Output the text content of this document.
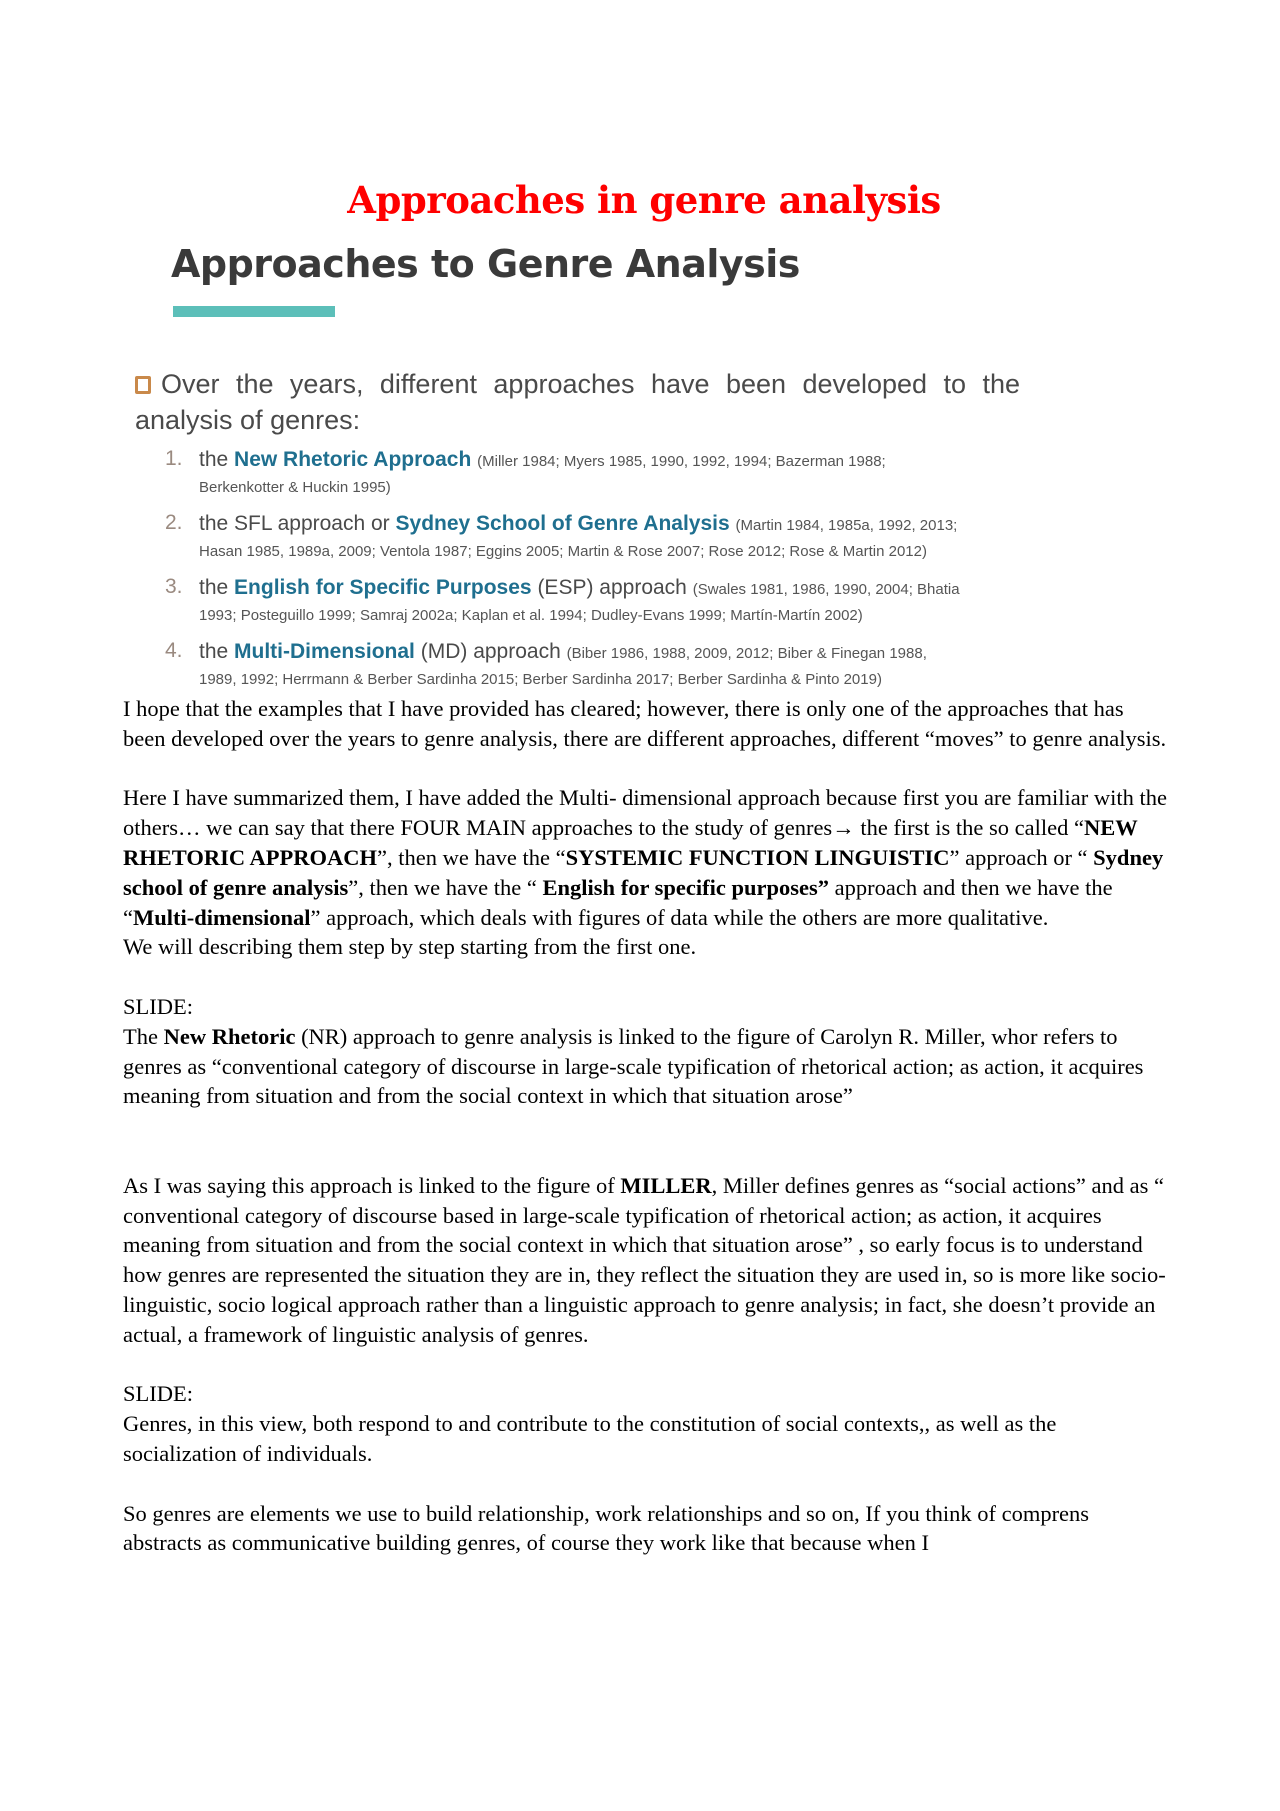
Approaches in genre analysis
Approaches to Genre Analysis
Over the years, different approaches have been developed to the analysis of genres:
1. the New Rhetoric Approach (Miller 1984; Myers 1985, 1990, 1992, 1994; Bazerman 1988;
Berkenkotter & Huckin 1995)
2. the SFL approach or Sydney School of Genre Analysis (Martin 1984, 1985a, 1992, 2013;
Hasan 1985, 1989a, 2009; Ventola 1987; Eggins 2005; Martin & Rose 2007; Rose 2012; Rose & Martin 2012)
3. the English for Specific Purposes (ESP) approach (Swales 1981, 1986, 1990, 2004; Bhatia
1993; Posteguillo 1999; Samraj 2002a; Kaplan et al. 1994; Dudley-Evans 1999; Martín-Martín 2002)
4. the Multi-Dimensional (MD) approach (Biber 1986, 1988, 2009, 2012; Biber & Finegan 1988,
1989, 1992; Herrmann & Berber Sardinha 2015; Berber Sardinha 2017; Berber Sardinha & Pinto 2019)

I hope that the examples that I have provided has cleared; however, there is only one of the approaches that has been developed over the years to genre analysis, there are different approaches, different “moves” to genre analysis.

Here I have summarized them, I have added the Multi- dimensional approach because first you are familiar with the others… we can say that there FOUR MAIN approaches to the study of genres→ the first is the so called “NEW RHETORIC APPROACH”, then we have the “SYSTEMIC FUNCTION LINGUISTIC” approach or “ Sydney school of genre analysis”, then we have the “ English for specific purposes” approach and then we have the “Multi-dimensional” approach, which deals with figures of data while the others are more qualitative.
We will describing them step by step starting from the first one.

SLIDE:
The New Rhetoric (NR) approach to genre analysis is linked to the figure of Carolyn R. Miller, whor refers to genres as “conventional category of discourse in large-scale typification of rhetorical action; as action, it acquires meaning from situation and from the social context in which that situation arose”

As I was saying this approach is linked to the figure of MILLER, Miller defines genres as “social actions” and as “ conventional category of discourse based in large-scale typification of rhetorical action; as action, it acquires meaning from situation and from the social context in which that situation arose” , so early focus is to understand how genres are represented the situation they are in, they reflect the situation they are used in, so is more like socio-linguistic, socio logical approach rather than a linguistic approach to genre analysis; in fact, she doesn’t provide an actual, a framework of linguistic analysis of genres.

SLIDE:
Genres, in this view, both respond to and contribute to the constitution of social contexts,, as well as the socialization of individuals.

So genres are elements we use to build relationship, work relationships and so on, If you think of comprens abstracts as communicative building genres, of course they work like that because when I
